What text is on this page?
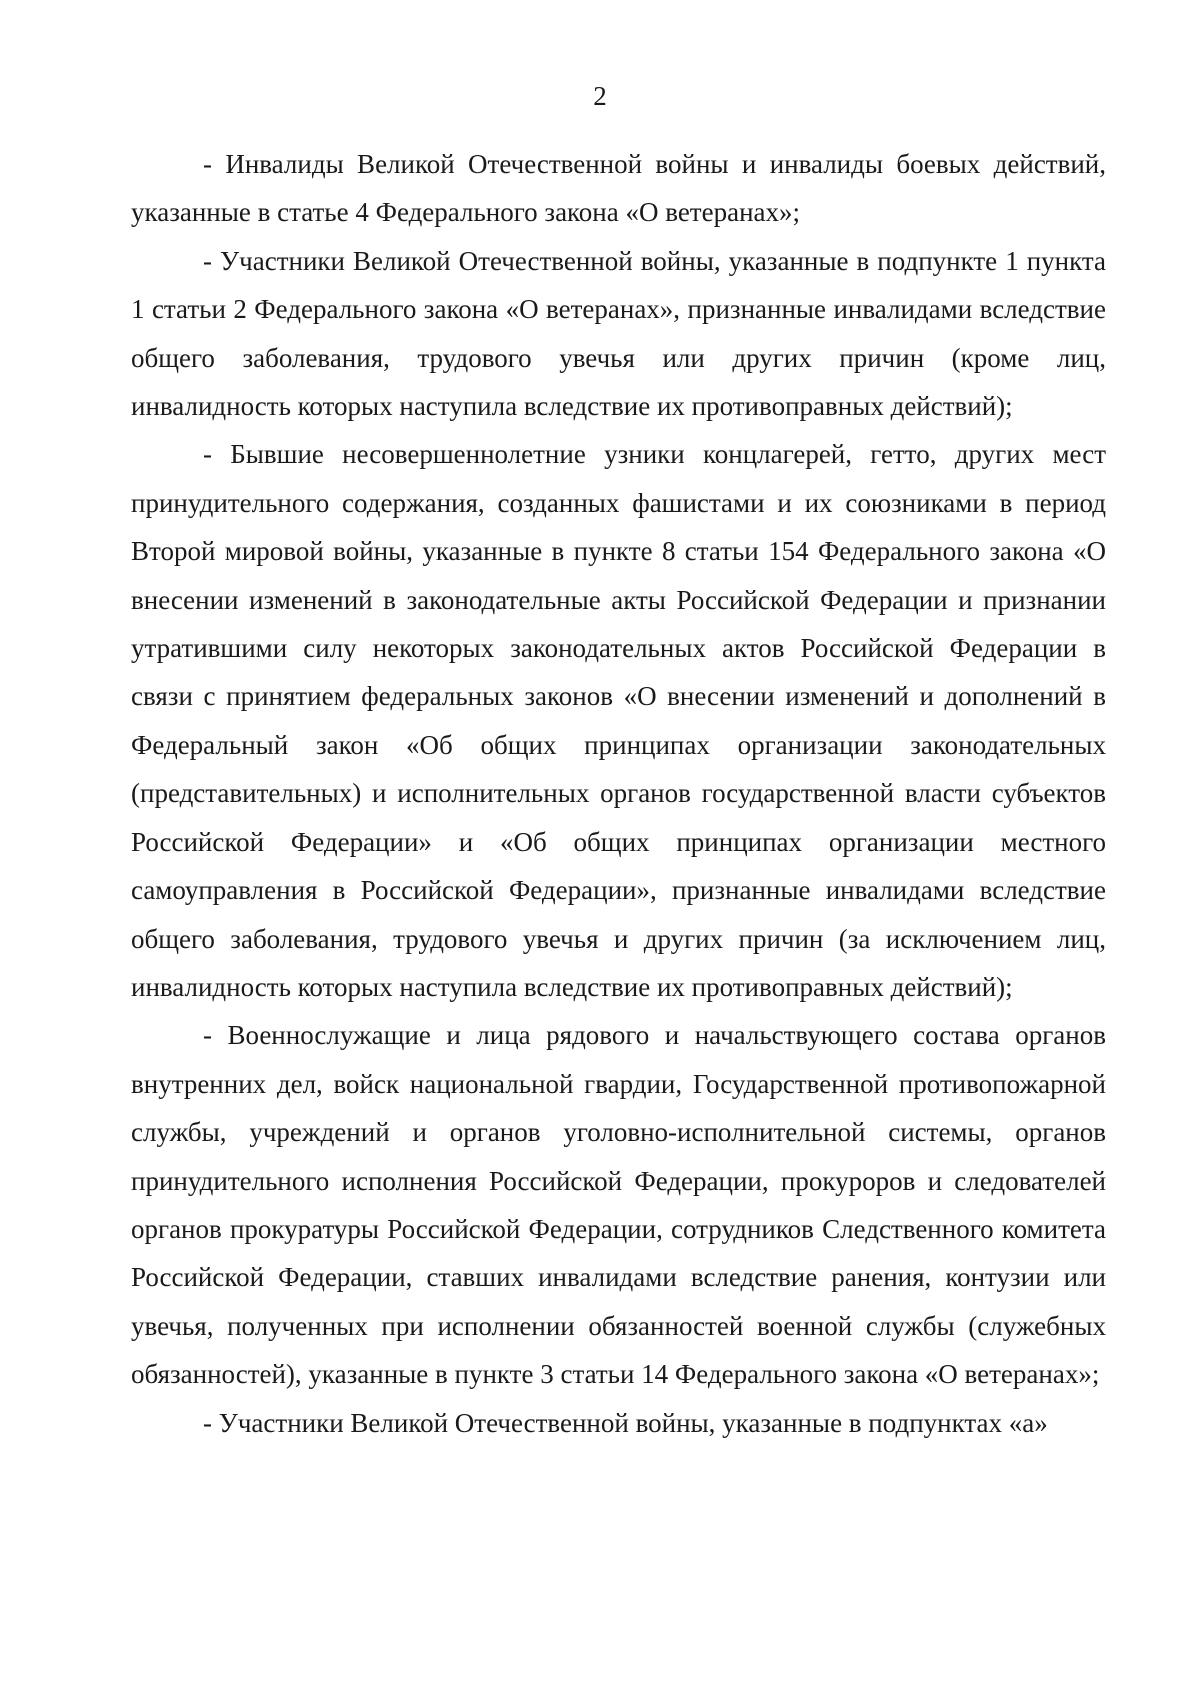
2

- Инвалиды Великой Отечественной войны и инвалиды боевых действий, указанные в статье 4 Федерального закона «О ветеранах»;

- Участники Великой Отечественной войны, указанные в подпункте 1 пункта 1 статьи 2 Федерального закона «О ветеранах», признанные инвалидами вследствие общего заболевания, трудового увечья или других причин (кроме лиц, инвалидность которых наступила вследствие их противоправных действий);

- Бывшие несовершеннолетние узники концлагерей, гетто, других мест принудительного содержания, созданных фашистами и их союзниками в период Второй мировой войны, указанные в пункте 8 статьи 154 Федерального закона «О внесении изменений в законодательные акты Российской Федерации и признании утратившими силу некоторых законодательных актов Российской Федерации в связи с принятием федеральных законов «О внесении изменений и дополнений в Федеральный закон «Об общих принципах организации законодательных (представительных) и исполнительных органов государственной власти субъектов Российской Федерации» и «Об общих принципах организации местного самоуправления в Российской Федерации», признанные инвалидами вследствие общего заболевания, трудового увечья и других причин (за исключением лиц, инвалидность которых наступила вследствие их противоправных действий);

- Военнослужащие и лица рядового и начальствующего состава органов внутренних дел, войск национальной гвардии, Государственной противопожарной службы, учреждений и органов уголовно-исполнительной системы, органов принудительного исполнения Российской Федерации, прокуроров и следователей органов прокуратуры Российской Федерации, сотрудников Следственного комитета Российской Федерации, ставших инвалидами вследствие ранения, контузии или увечья, полученных при исполнении обязанностей военной службы (служебных обязанностей), указанные в пункте 3 статьи 14 Федерального закона «О ветеранах»;

- Участники Великой Отечественной войны, указанные в подпунктах «а»
